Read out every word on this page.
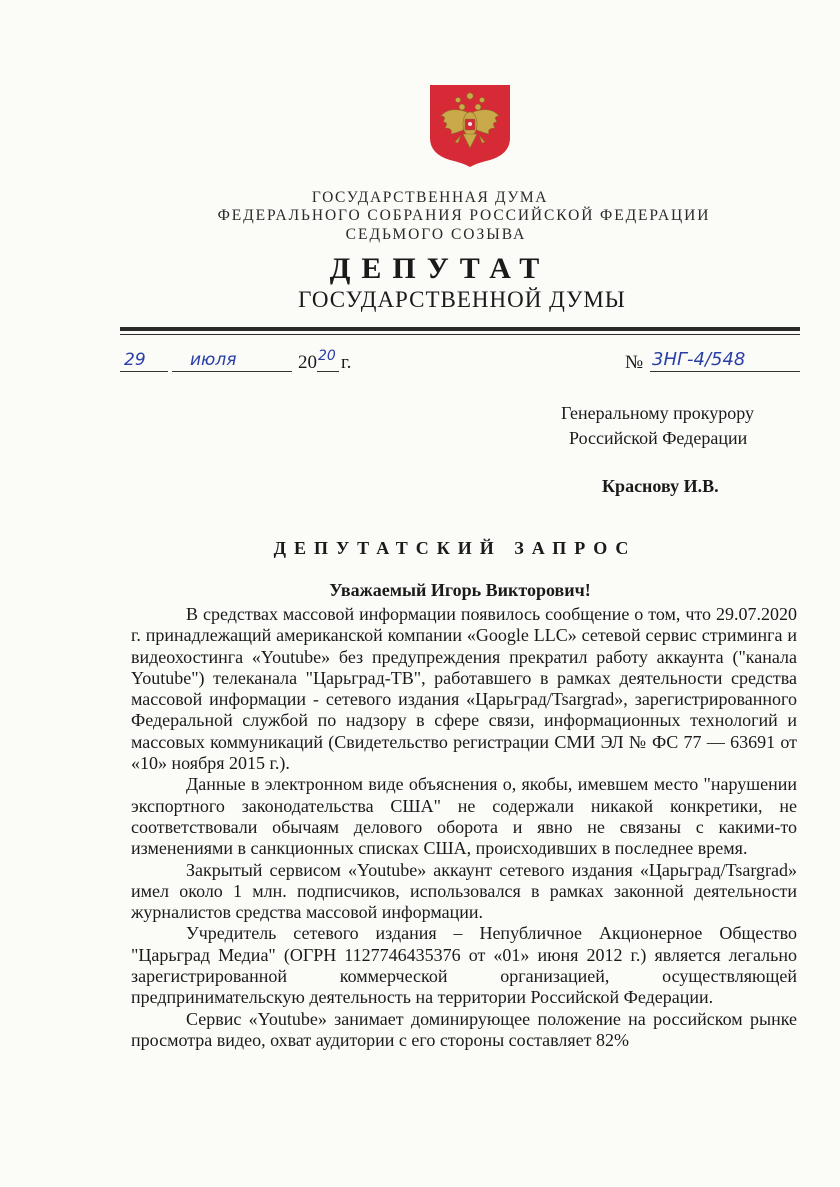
ГОСУДАРСТВЕННАЯ ДУМА
ФЕДЕРАЛЬНОГО СОБРАНИЯ РОССИЙСКОЙ ФЕДЕРАЦИИ
СЕДЬМОГО СОЗЫВА
ДЕПУТАТ
ГОСУДАРСТВЕННОЙ ДУМЫ
29	июля	20 20 г.	№ 3НГ-4/548
Генеральному прокурору
Российской Федерации
Краснову И.В.
ДЕПУТАТСКИЙ ЗАПРОС
Уважаемый Игорь Викторович!

В средствах массовой информации появилось сообщение о том, что 29.07.2020 г. принадлежащий американской компании «Google LLC» сетевой сервис стриминга и видеохостинга «Youtube» без предупреждения прекратил работу аккаунта ("канала Youtube") телеканала "Царьград-ТВ", работавшего в рамках деятельности средства массовой информации - сетевого издания «Царьград/Tsargrad», зарегистрированного Федеральной службой по надзору в сфере связи, информационных технологий и массовых коммуникаций (Свидетельство регистрации СМИ ЭЛ № ФС 77 — 63691 от «10» ноября 2015 г.).

Данные в электронном виде объяснения о, якобы, имевшем место "нарушении экспортного законодательства США" не содержали никакой конкретики, не соответствовали обычаям делового оборота и явно не связаны с какими-то изменениями в санкционных списках США, происходивших в последнее время.

Закрытый сервисом «Youtube» аккаунт сетевого издания «Царьград/Tsargrad» имел около 1 млн. подписчиков, использовался в рамках законной деятельности журналистов средства массовой информации.

Учредитель сетевого издания – Непубличное Акционерное Общество "Царьград Медиа" (ОГРН 1127746435376 от «01» июня 2012 г.) является легально зарегистрированной коммерческой организацией, осуществляющей предпринимательскую деятельность на территории Российской Федерации.

Сервис «Youtube» занимает доминирующее положение на российском рынке просмотра видео, охват аудитории с его стороны составляет 82%
